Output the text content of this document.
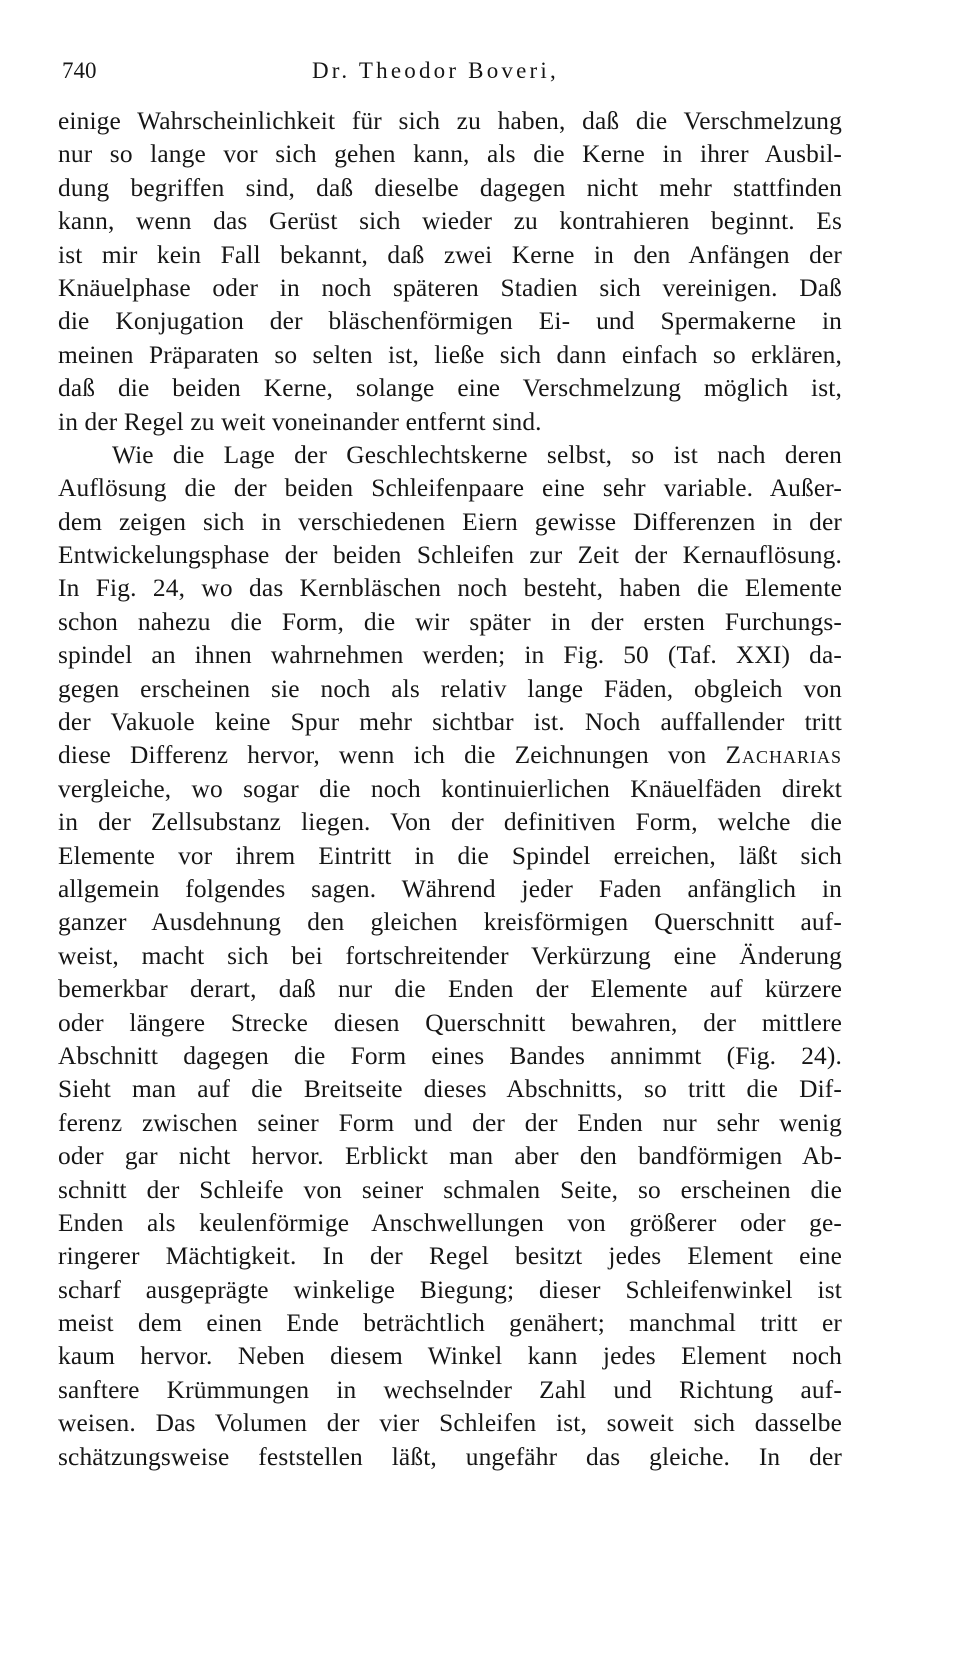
740	Dr. Theodor Boveri,
einige Wahrscheinlichkeit für sich zu haben, daß die Verschmelzung
nur so lange vor sich gehen kann, als die Kerne in ihrer Ausbil-
dung begriffen sind, daß dieselbe dagegen nicht mehr stattfinden
kann, wenn das Gerüst sich wieder zu kontrahieren beginnt. Es
ist mir kein Fall bekannt, daß zwei Kerne in den Anfängen der
Knäuelphase oder in noch späteren Stadien sich vereinigen. Daß
die Konjugation der bläschenförmigen Ei- und Spermakerne in
meinen Präparaten so selten ist, ließe sich dann einfach so erklären,
daß die beiden Kerne, solange eine Verschmelzung möglich ist,
in der Regel zu weit voneinander entfernt sind.
Wie die Lage der Geschlechtskerne selbst, so ist nach deren
Auflösung die der beiden Schleifenpaare eine sehr variable. Außer-
dem zeigen sich in verschiedenen Eiern gewisse Differenzen in der
Entwickelungsphase der beiden Schleifen zur Zeit der Kernauflösung.
In Fig. 24, wo das Kernbläschen noch besteht, haben die Elemente
schon nahezu die Form, die wir später in der ersten Furchungs-
spindel an ihnen wahrnehmen werden; in Fig. 50 (Taf. XXI) da-
gegen erscheinen sie noch als relativ lange Fäden, obgleich von
der Vakuole keine Spur mehr sichtbar ist. Noch auffallender tritt
diese Differenz hervor, wenn ich die Zeichnungen von Zacharias
vergleiche, wo sogar die noch kontinuierlichen Knäuelfäden direkt
in der Zellsubstanz liegen. Von der definitiven Form, welche die
Elemente vor ihrem Eintritt in die Spindel erreichen, läßt sich
allgemein folgendes sagen. Während jeder Faden anfänglich in
ganzer Ausdehnung den gleichen kreisförmigen Querschnitt auf-
weist, macht sich bei fortschreitender Verkürzung eine Änderung
bemerkbar derart, daß nur die Enden der Elemente auf kürzere
oder längere Strecke diesen Querschnitt bewahren, der mittlere
Abschnitt dagegen die Form eines Bandes annimmt (Fig. 24).
Sieht man auf die Breitseite dieses Abschnitts, so tritt die Dif-
ferenz zwischen seiner Form und der der Enden nur sehr wenig
oder gar nicht hervor. Erblickt man aber den bandförmigen Ab-
schnitt der Schleife von seiner schmalen Seite, so erscheinen die
Enden als keulenförmige Anschwellungen von größerer oder ge-
ringerer Mächtigkeit. In der Regel besitzt jedes Element eine
scharf ausgeprägte winkelige Biegung; dieser Schleifenwinkel ist
meist dem einen Ende beträchtlich genähert; manchmal tritt er
kaum hervor. Neben diesem Winkel kann jedes Element noch
sanftere Krümmungen in wechselnder Zahl und Richtung auf-
weisen. Das Volumen der vier Schleifen ist, soweit sich dasselbe
schätzungsweise feststellen läßt, ungefähr das gleiche. In der
